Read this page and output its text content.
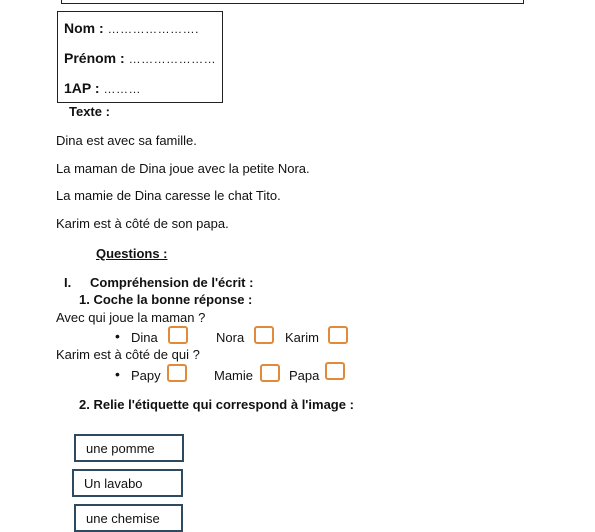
Nom : ………………….
Prénom : …………………
1AP : ………
Texte :
Dina est avec sa famille.
La maman de Dina joue avec la petite Nora.
La mamie de Dina caresse le chat Tito.
Karim est à côté de son papa.
Questions :
I. Compréhension de l'écrit :
1. Coche la bonne réponse :
Avec qui joue la maman ?
• Dina	Nora	Karim
Karim est à côté de qui ?
• Papy	Mamie	Papa
2. Relie l'étiquette qui correspond à l'image :
une pomme
Un lavabo
une chemise
